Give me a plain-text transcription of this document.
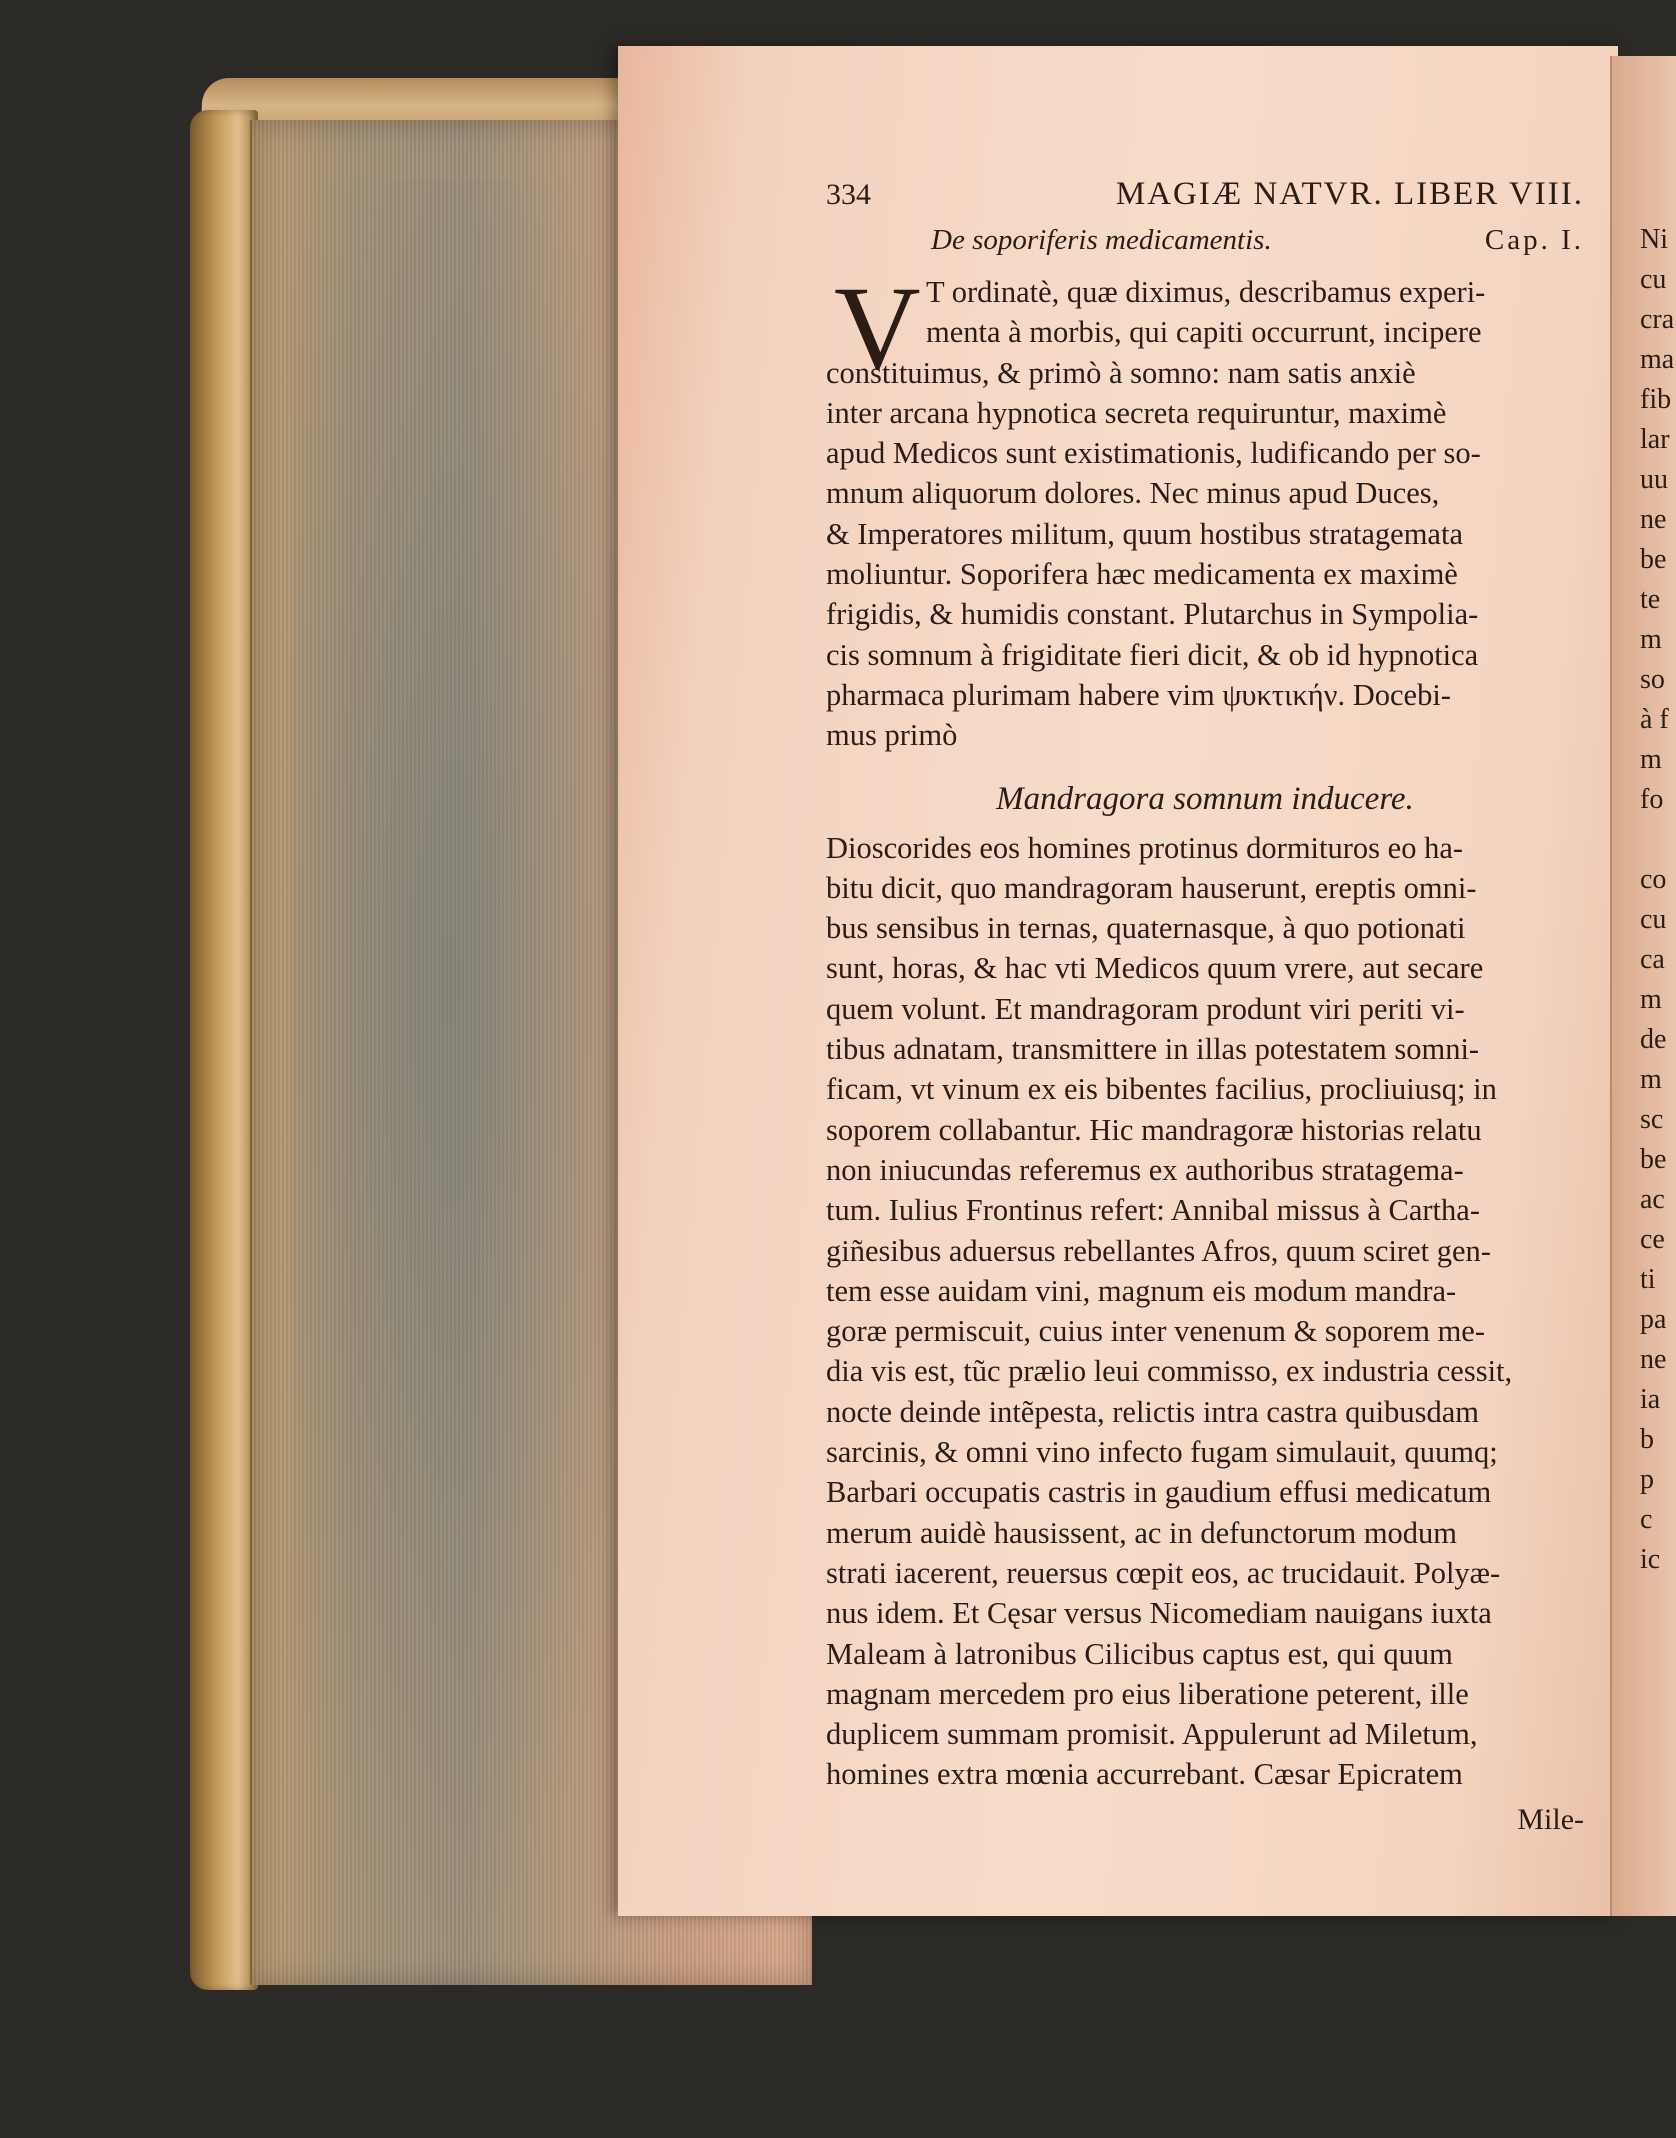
334	MAGIÆ NATVR. LIBER VIII.
De soporiferis medicamentis.	Cap. I.
V T ordinatè, quæ diximus, describamus experi-
menta à morbis, qui capiti occurrunt, incipere
constituimus, & primò à somno: nam satis anxiè
inter arcana hypnotica secreta requiruntur, maximè
apud Medicos sunt existimationis, ludificando per so-
mnum aliquorum dolores. Nec minus apud Duces,
& Imperatores militum, quum hostibus stratagemata
moliuntur. Soporifera hæc medicamenta ex maximè
frigidis, & humidis constant. Plutarchus in Sympolia-
cis somnum à frigiditate fieri dicit, & ob id hypnotica
pharmaca plurimam habere vim ψυκτικήν. Docebi-
mus primò
Mandragora somnum inducere.
Dioscorides eos homines protinus dormituros eo ha-
bitu dicit, quo mandragoram hauserunt, ereptis omni-
bus sensibus in ternas, quaternasque, à quo potionati
sunt, horas, & hac vti Medicos quum vrere, aut secare
quem volunt. Et mandragoram produnt viri periti vi-
tibus adnatam, transmittere in illas potestatem somni-
ficam, vt vinum ex eis bibentes facilius, procliuiusq; in
soporem collabantur. Hic mandragoræ historias relatu
non iniucundas referemus ex authoribus stratagema-
tum. Iulius Frontinus refert: Annibal missus à Cartha-
giñesibus aduersus rebellantes Afros, quum sciret gen-
tem esse auidam vini, magnum eis modum mandra-
goræ permiscuit, cuius inter venenum & soporem me-
dia vis est, tũc prælio leui commisso, ex industria cessit,
nocte deinde intẽpesta, relictis intra castra quibusdam
sarcinis, & omni vino infecto fugam simulauit, quumq;
Barbari occupatis castris in gaudium effusi medicatum
merum auidè hausissent, ac in defunctorum modum
strati iacerent, reuersus cœpit eos, ac trucidauit. Polyæ-
nus idem. Et Cęsar versus Nicomediam nauigans iuxta
Maleam à latronibus Cilicibus captus est, qui quum
magnam mercedem pro eius liberatione peterent, ille
duplicem summam promisit. Appulerunt ad Miletum,
homines extra mœnia accurrebant. Cæsar Epicratem
Mile-
Ni
cu
cra
ma
fib
lar
uu
ne
be
te
m
so
à f
m
fo
co
cu
ca
m
de
m
sc
be
ac
ce
ti
pa
ne
ia
b
p
c
ic
